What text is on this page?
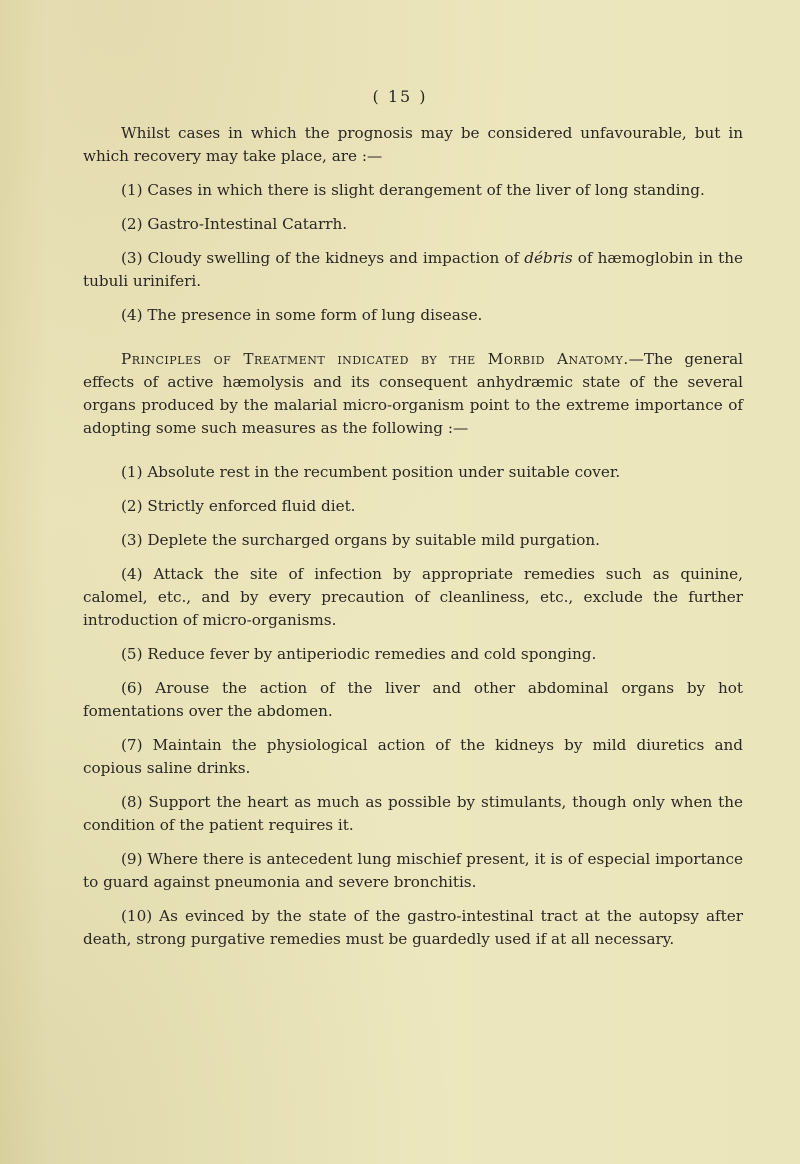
( 15 )

Whilst cases in which the prognosis may be considered unfavourable, but in which recovery may take place, are :—

(1) Cases in which there is slight derangement of the liver of long standing.

(2) Gastro-Intestinal Catarrh.

(3) Cloudy swelling of the kidneys and impaction of débris of hæmoglobin in the tubuli uriniferi.

(4) The presence in some form of lung disease.

Principles of Treatment indicated by the Morbid Anatomy.—The general effects of active hæmolysis and its consequent anhydræmic state of the several organs produced by the malarial micro-organism point to the extreme importance of adopting some such measures as the following :—

(1) Absolute rest in the recumbent position under suitable cover.

(2) Strictly enforced fluid diet.

(3) Deplete the surcharged organs by suitable mild purgation.

(4) Attack the site of infection by appropriate remedies such as quinine, calomel, etc., and by every precaution of cleanliness, etc., exclude the further introduction of micro-organisms.

(5) Reduce fever by antiperiodic remedies and cold sponging.

(6) Arouse the action of the liver and other abdominal organs by hot fomentations over the abdomen.

(7) Maintain the physiological action of the kidneys by mild diuretics and copious saline drinks.

(8) Support the heart as much as possible by stimulants, though only when the condition of the patient requires it.

(9) Where there is antecedent lung mischief present, it is of especial importance to guard against pneumonia and severe bronchitis.

(10) As evinced by the state of the gastro-intestinal tract at the autopsy after death, strong purgative remedies must be guardedly used if at all necessary.
